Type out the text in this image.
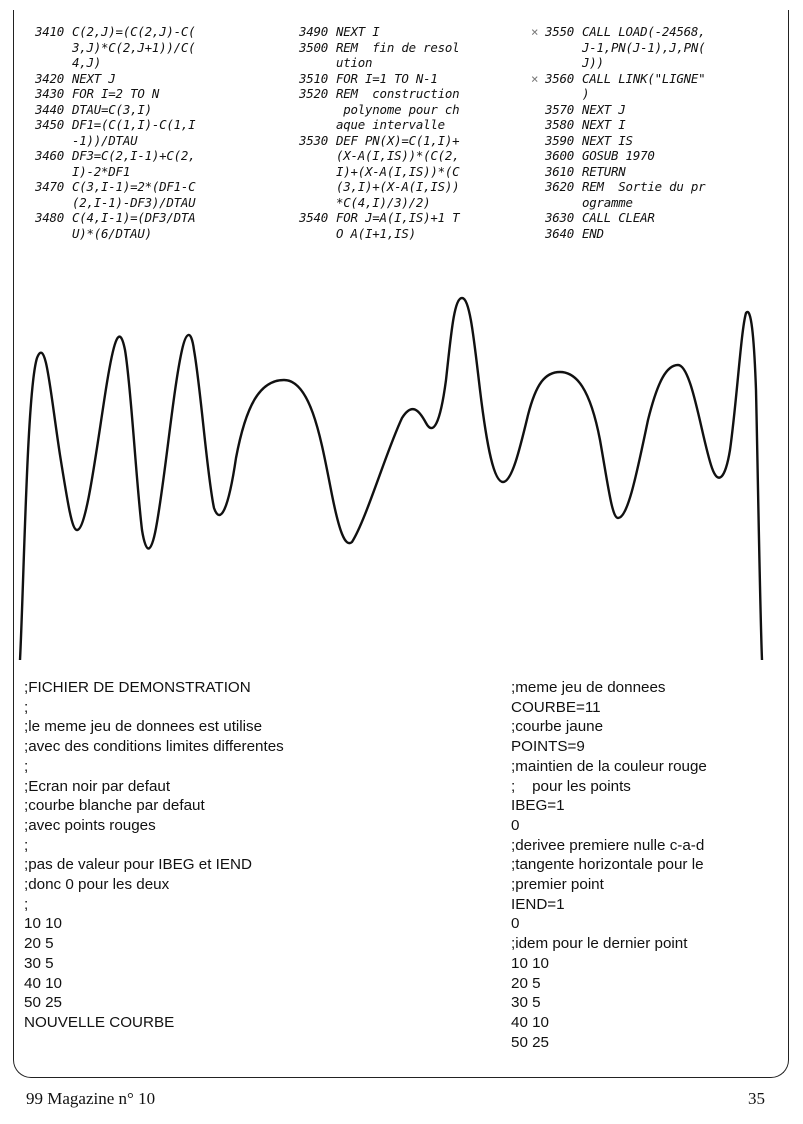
3410 C(2,J)=(C(2,J)-C(
3,J)*C(2,J+1))/C(
4,J)
3420 NEXT J
3430 FOR I=2 TO N
3440 DTAU=C(3,I)
3450 DF1=(C(1,I)-C(1,I
-1))/DTAU
3460 DF3=C(2,I-1)+C(2,
I)-2*DF1
3470 C(3,I-1)=2*(DF1-C
(2,I-1)-DF3)/DTAU
3480 C(4,I-1)=(DF3/DTA
U)*(6/DTAU)
3490 NEXT I
3500 REM  fin de resol
ution
3510 FOR I=1 TO N-1
3520 REM  construction
polynome pour ch
aque intervalle
3530 DEF PN(X)=C(1,I)+
(X-A(I,IS))*(C(2,
I)+(X-A(I,IS))*(C
(3,I)+(X-A(I,IS))
*C(4,I)/3)/2)
3540 FOR J=A(I,IS)+1 T
O A(I+1,IS)
× 3550 CALL LOAD(-24568,
J-1,PN(J-1),J,PN(
J))
× 3560 CALL LINK("LIGNE"
)
3570 NEXT J
3580 NEXT I
3590 NEXT IS
3600 GOSUB 1970
3610 RETURN
3620 REM  Sortie du pr
ogramme
3630 CALL CLEAR
3640 END
;FICHIER DE DEMONSTRATION
;
;le meme jeu de donnees est utilise
;avec des conditions limites differentes
;
;Ecran noir par defaut
;courbe blanche par defaut
;avec points rouges
;
;pas de valeur pour IBEG et IEND
;donc 0 pour les deux
;
10 10
20 5
30 5
40 10
50 25
NOUVELLE COURBE
;meme jeu de donnees
COURBE=11
;courbe jaune
POINTS=9
;maintien de la couleur rouge
;    pour les points
IBEG=1
0
;derivee premiere nulle c-a-d
;tangente horizontale pour le
;premier point
IEND=1
0
;idem pour le dernier point
10 10
20 5
30 5
40 10
50 25
99 Magazine n° 10	35
